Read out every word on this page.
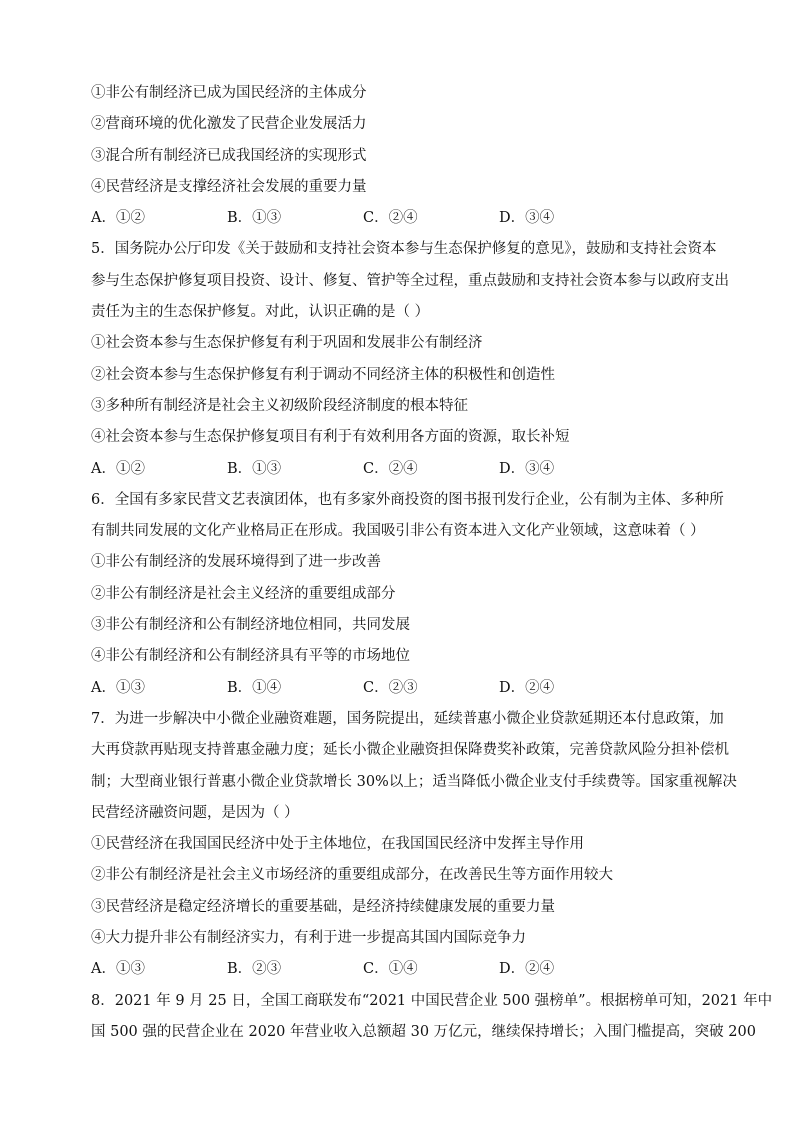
①非公有制经济已成为国民经济的主体成分
②营商环境的优化激发了民营企业发展活力
③混合所有制经济已成我国经济的实现形式
④民营经济是支撑经济社会发展的重要力量
A．①②	B．①③	C．②④	D．③④
5．国务院办公厅印发《关于鼓励和支持社会资本参与生态保护修复的意见》，鼓励和支持社会资本
参与生态保护修复项目投资、设计、修复、管护等全过程，重点鼓励和支持社会资本参与以政府支出
责任为主的生态保护修复。对此，认识正确的是（ ）
①社会资本参与生态保护修复有利于巩固和发展非公有制经济
②社会资本参与生态保护修复有利于调动不同经济主体的积极性和创造性
③多种所有制经济是社会主义初级阶段经济制度的根本特征
④社会资本参与生态保护修复项目有利于有效利用各方面的资源，取长补短
A．①②	B．①③	C．②④	D．③④
6．全国有多家民营文艺表演团体，也有多家外商投资的图书报刊发行企业，公有制为主体、多种所
有制共同发展的文化产业格局正在形成。我国吸引非公有资本进入文化产业领域，这意味着（ ）
①非公有制经济的发展环境得到了进一步改善
②非公有制经济是社会主义经济的重要组成部分
③非公有制经济和公有制经济地位相同，共同发展
④非公有制经济和公有制经济具有平等的市场地位
A．①③	B．①④	C．②③	D．②④
7．为进一步解决中小微企业融资难题，国务院提出，延续普惠小微企业贷款延期还本付息政策，加
大再贷款再贴现支持普惠金融力度；延长小微企业融资担保降费奖补政策，完善贷款风险分担补偿机
制；大型商业银行普惠小微企业贷款增长 30%以上；适当降低小微企业支付手续费等。国家重视解决
民营经济融资问题，是因为（ ）
①民营经济在我国国民经济中处于主体地位，在我国国民经济中发挥主导作用
②非公有制经济是社会主义市场经济的重要组成部分，在改善民生等方面作用较大
③民营经济是稳定经济增长的重要基础，是经济持续健康发展的重要力量
④大力提升非公有制经济实力，有利于进一步提高其国内国际竞争力
A．①③	B．②③	C．①④	D．②④
8．2021 年 9 月 25 日，全国工商联发布“2021 中国民营企业 500 强榜单”。根据榜单可知，2021 年中
国 500 强的民营企业在 2020 年营业收入总额超 30 万亿元，继续保持增长；入围门槛提高，突破 200
